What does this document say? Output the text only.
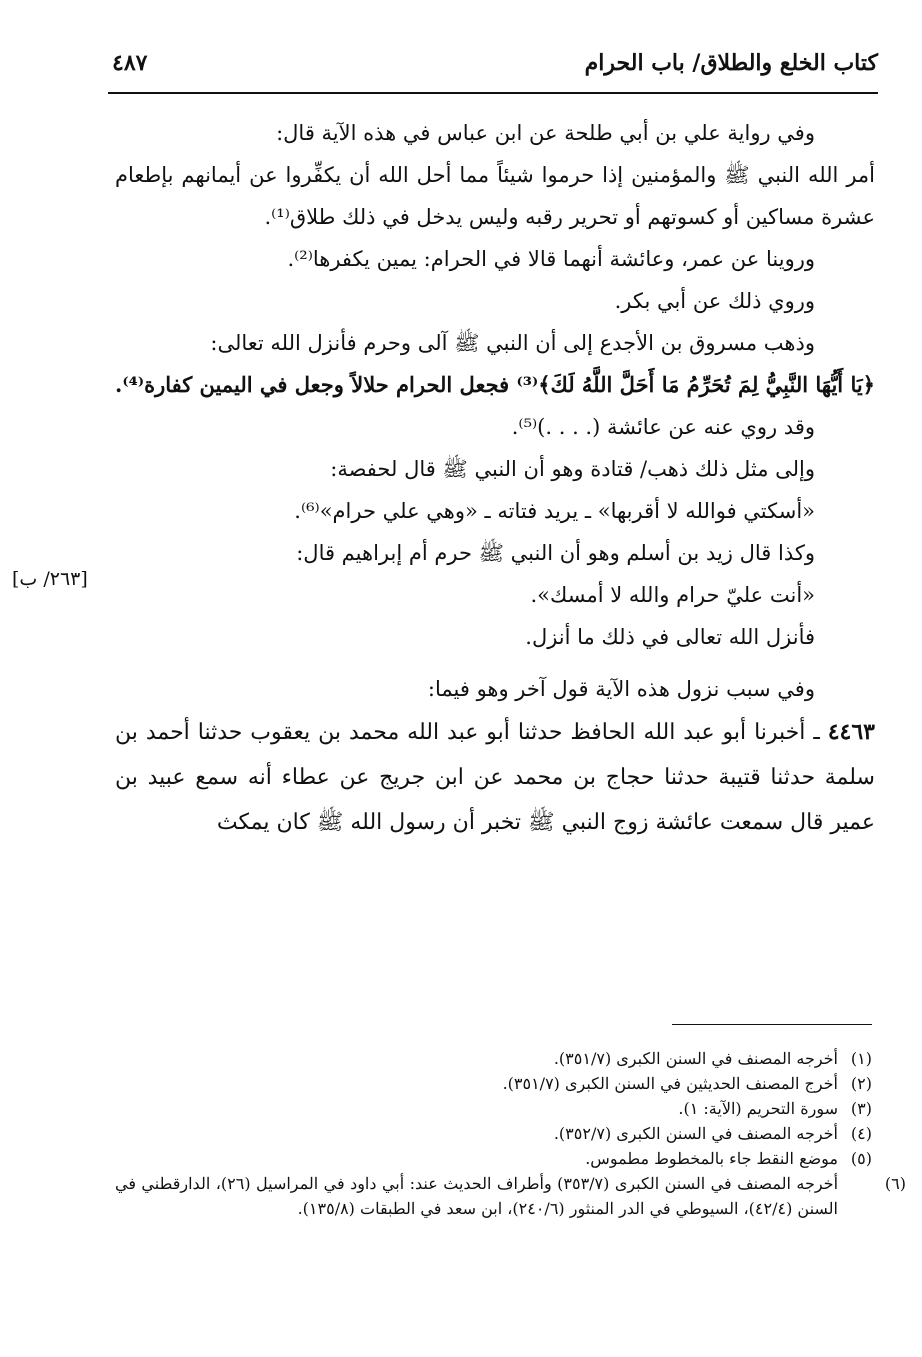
كتاب الخلع والطلاق/ باب الحرام
٤٨٧
[٢٦٣/ ب]

وفي رواية علي بن أبي طلحة عن ابن عباس في هذه الآية قال:

أمر الله النبي ﷺ والمؤمنين إذا حرموا شيئاً مما أحل الله أن يكفِّروا عن أيمانهم بإطعام عشرة مساكين أو كسوتهم أو تحرير رقبه وليس يدخل في ذلك طلاق⁽¹⁾.

وروينا عن عمر، وعائشة أنهما قالا في الحرام: يمين يكفرها⁽²⁾.

وروي ذلك عن أبي بكر.

وذهب مسروق بن الأجدع إلى أن النبي ﷺ آلى وحرم فأنزل الله تعالى:

﴿يَا أَيُّهَا النَّبِيُّ لِمَ تُحَرِّمُ مَا أَحَلَّ اللَّهُ لَكَ﴾⁽³⁾ فجعل الحرام حلالاً وجعل في اليمين كفارة⁽⁴⁾.

وقد روي عنه عن عائشة (. . . .)⁽⁵⁾.

وإلى مثل ذلك ذهب/ قتادة وهو أن النبي ﷺ قال لحفصة:

«أسكتي فوالله لا أقربها» ـ يريد فتاته ـ «وهي علي حرام»⁽⁶⁾.

وكذا قال زيد بن أسلم وهو أن النبي ﷺ حرم أم إبراهيم قال:

«أنت عليّ حرام والله لا أمسك».

فأنزل الله تعالى في ذلك ما أنزل.

وفي سبب نزول هذه الآية قول آخر وهو فيما:

٤٤٦٣ ـ أخبرنا أبو عبد الله الحافظ حدثنا أبو عبد الله محمد بن يعقوب حدثنا أحمد بن سلمة حدثنا قتيبة حدثنا حجاج بن محمد عن ابن جريج عن عطاء أنه سمع عبيد بن عمير قال سمعت عائشة زوج النبي ﷺ تخبر أن رسول الله ﷺ كان يمكث

(١)أخرجه المصنف في السنن الكبرى (٣٥١/٧).

(٢)أخرج المصنف الحديثين في السنن الكبرى (٣٥١/٧).

(٣)سورة التحريم (الآية: ١).

(٤)أخرجه المصنف في السنن الكبرى (٣٥٢/٧).

(٥)موضع النقط جاء بالمخطوط مطموس.

(٦)أخرجه المصنف في السنن الكبرى (٣٥٣/٧) وأطراف الحديث عند: أبي داود في المراسيل (٢٦)، الدارقطني في السنن (٤٢/٤)، السيوطي في الدر المنثور (٢٤٠/٦)، ابن سعد في الطبقات (١٣٥/٨).
